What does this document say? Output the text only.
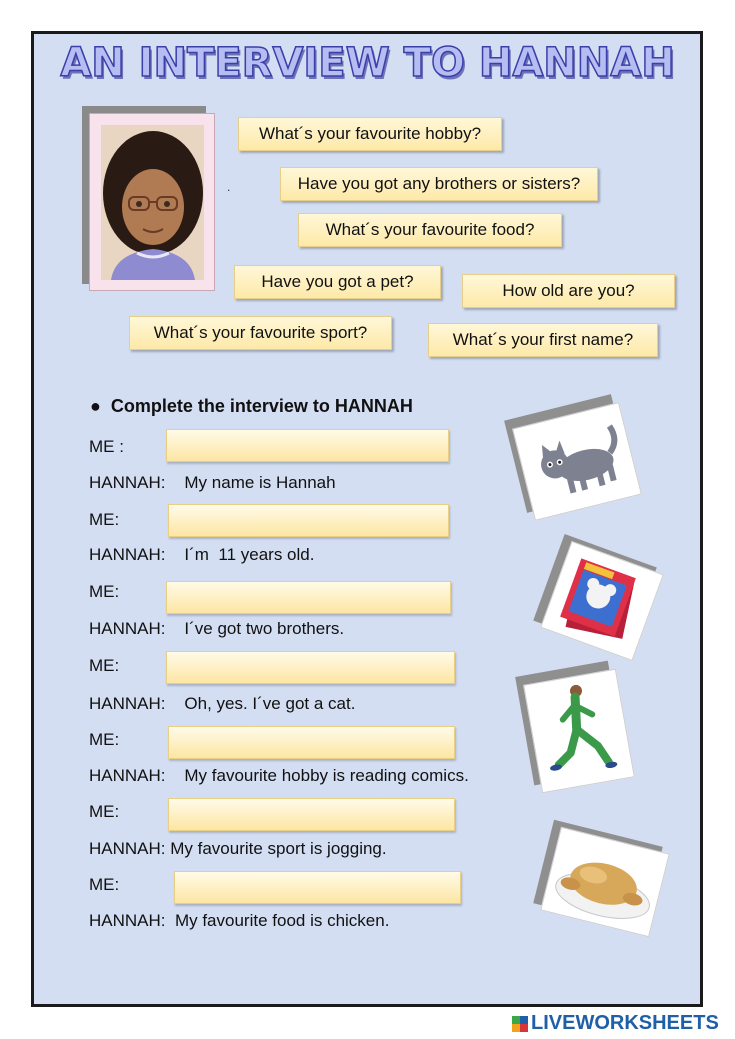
AN INTERVIEW TO HANNAH
.
What´s your favourite hobby?
Have you got any brothers or sisters?
What´s your favourite food?
Have you got a pet?	How old are you?
What´s your favourite sport?	What´s your first name?
● Complete the interview to HANNAH
ME :
HANNAH:    My name is Hannah
ME:
HANNAH:    I´m  11 years old.
ME:
HANNAH:    I´ve got two brothers.
ME:
HANNAH:    Oh, yes. I´ve got a cat.
ME:
HANNAH:    My favourite hobby is reading comics.
ME:
HANNAH: My favourite sport is jogging.
ME:
HANNAH:  My favourite food is chicken.
LIVEWORKSHEETS
